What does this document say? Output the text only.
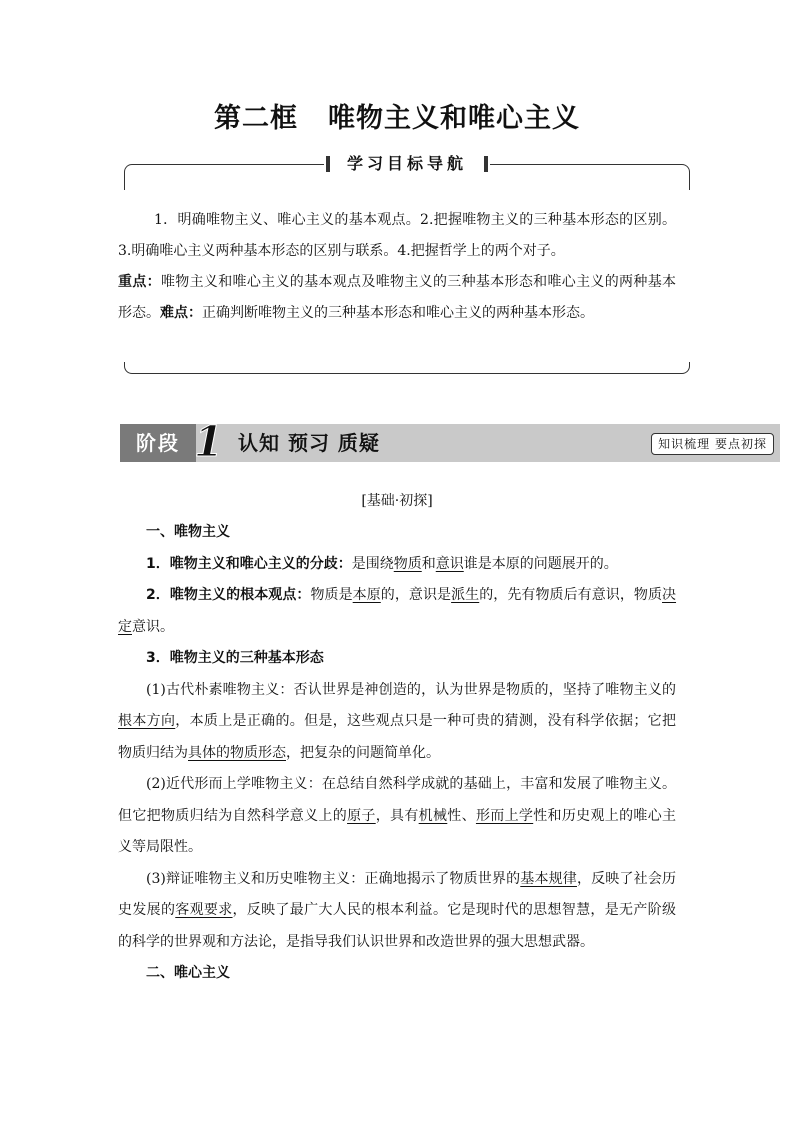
第二框 唯物主义和唯心主义
学习目标导航

1．明确唯物主义、唯心主义的基本观点。2.把握唯物主义的三种基本形态的区别。3.明确唯心主义两种基本形态的区别与联系。4.把握哲学上的两个对子。

重点：唯物主义和唯心主义的基本观点及唯物主义的三种基本形态和唯心主义的两种基本形态。难点：正确判断唯物主义的三种基本形态和唯心主义的两种基本形态。

阶段 1 认知 预习 质疑	知识梳理 要点初探
[基础·初探]

一、唯物主义

1．唯物主义和唯心主义的分歧：是围绕物质和意识谁是本原的问题展开的。

2．唯物主义的根本观点：物质是本原的，意识是派生的，先有物质后有意识，物质决定意识。

3．唯物主义的三种基本形态

(1)古代朴素唯物主义：否认世界是神创造的，认为世界是物质的，坚持了唯物主义的根本方向，本质上是正确的。但是，这些观点只是一种可贵的猜测，没有科学依据；它把物质归结为具体的物质形态，把复杂的问题简单化。

(2)近代形而上学唯物主义：在总结自然科学成就的基础上，丰富和发展了唯物主义。但它把物质归结为自然科学意义上的原子，具有机械性、形而上学性和历史观上的唯心主义等局限性。

(3)辩证唯物主义和历史唯物主义：正确地揭示了物质世界的基本规律，反映了社会历史发展的客观要求，反映了最广大人民的根本利益。它是现时代的思想智慧，是无产阶级的科学的世界观和方法论，是指导我们认识世界和改造世界的强大思想武器。

二、唯心主义
